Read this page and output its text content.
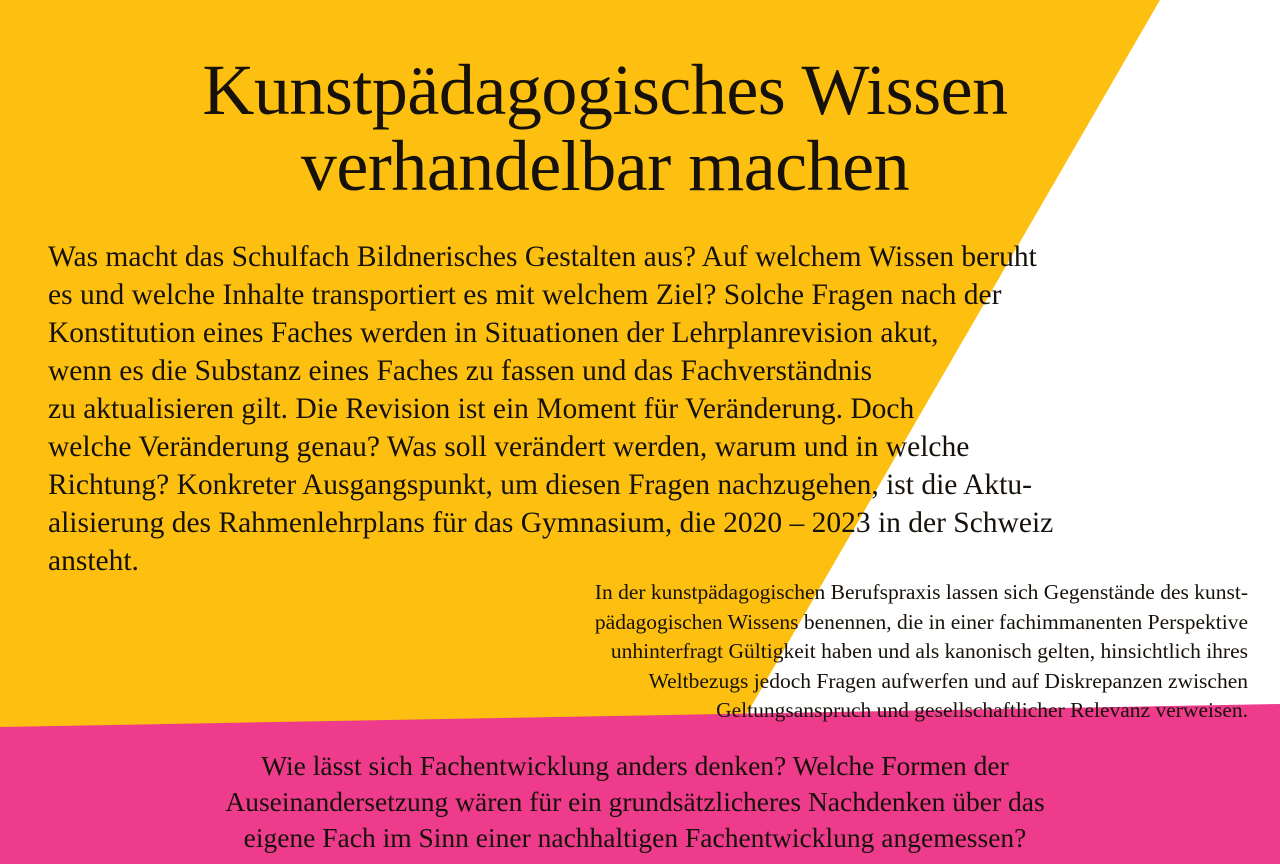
Kunstpädagogisches Wissen
verhandelbar machen
Was macht das Schulfach Bildnerisches Gestalten aus? Auf welchem Wissen beruht
es und welche Inhalte transportiert es mit welchem Ziel? Solche Fragen nach der
Konstitution eines Faches werden in Situationen der Lehrplanrevision akut,
wenn es die Substanz eines Faches zu fassen und das Fachverständnis
zu aktualisieren gilt. Die Revision ist ein Moment für Veränderung. Doch
welche Veränderung genau? Was soll verändert werden, warum und in welche
Richtung? Konkreter Ausgangspunkt, um diesen Fragen nachzugehen, ist die Aktu-
alisierung des Rahmenlehrplans für das Gymnasium, die 2020 – 2023 in der Schweiz
ansteht.
In der kunstpädagogischen Berufspraxis lassen sich Gegenstände des kunst-
pädagogischen Wissens benennen, die in einer fachimmanenten Perspektive
unhinterfragt Gültigkeit haben und als kanonisch gelten, hinsichtlich ihres
Weltbezugs jedoch Fragen aufwerfen und auf Diskrepanzen zwischen
Geltungsanspruch und gesellschaftlicher Relevanz verweisen.
Wie lässt sich Fachentwicklung anders denken? Welche Formen der
Auseinandersetzung wären für ein grundsätzlicheres Nachdenken über das
eigene Fach im Sinn einer nachhaltigen Fachentwicklung angemessen?
